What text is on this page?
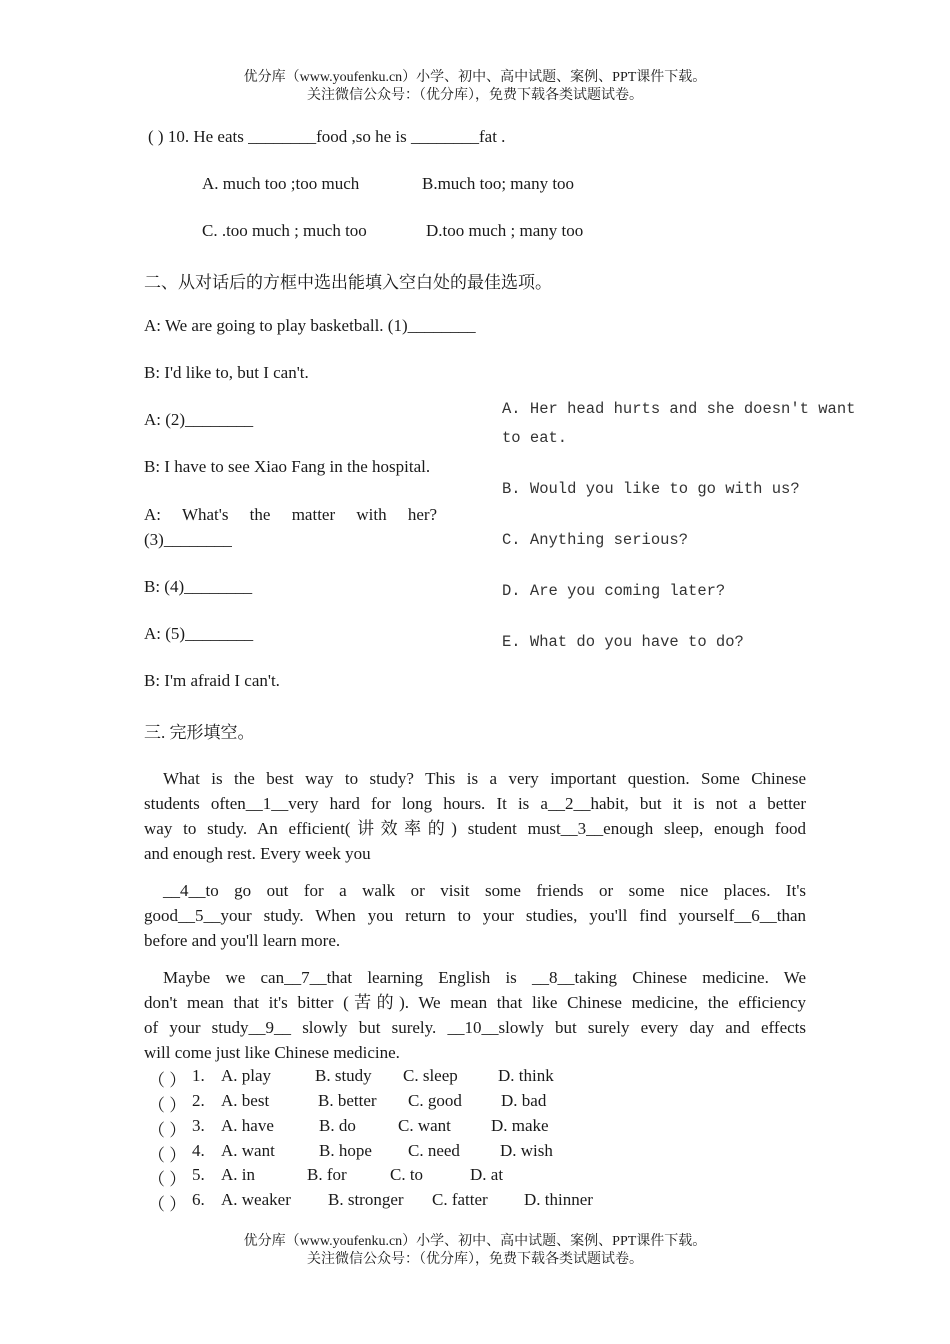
优分库（www.youfenku.cn）小学、初中、高中试题、案例、PPT课件下载。
关注微信公众号：（优分库），免费下载各类试题试卷。
( ) 10. He eats ________food ,so he is ________fat .
A. much too ;too much	B.much too; many too
C. .too much ; much too	D.too much ; many too
二、从对话后的方框中选出能填入空白处的最佳选项。
A: We are going to play basketball. (1)________
B: I'd like to, but I can't.
A: (2)________
B: I have to see Xiao Fang in the hospital.
A:     What's     the     matter     with     her?
(3)________
B: (4)________
A: (5)________
B: I'm afraid I can't.
A. Her head hurts and she doesn't want
to eat.
B. Would you like to go with us?
C. Anything serious?
D. Are you coming later?
E. What do you have to do?
三. 完形填空。
What is the best way to study? This is a very important question. Some Chinese
students often__1__very hard for long hours. It is a__2__habit, but it is not a better
way to study. An efficient(讲效率的) student must__3__enough sleep, enough food
and enough rest. Every week you
__4__to go out for a walk or visit some friends or some nice places. It's
good__5__your study. When you return to your studies, you'll find yourself__6__than
before and you'll learn more.
Maybe we can__7__that learning English is __8__taking Chinese medicine. We
don't mean that it's bitter (苦的). We mean that like Chinese medicine, the efficiency
of your study__9__ slowly but surely. __10__slowly but surely every day and effects
will come just like Chinese medicine.
（ ） 1. A. play	B. study C. sleep D. think
（ ） 2. A. best	B. better C. good D. bad
（ ） 3. A. have	B. do C. want D. make
（ ） 4. A. want	B. hope C. need D. wish
（ ） 5. A. in	B. for	C. to	D. at
（ ） 6. A. weaker B. stronger C. fatter D. thinner
优分库（www.youfenku.cn）小学、初中、高中试题、案例、PPT课件下载。
关注微信公众号：（优分库），免费下载各类试题试卷。
